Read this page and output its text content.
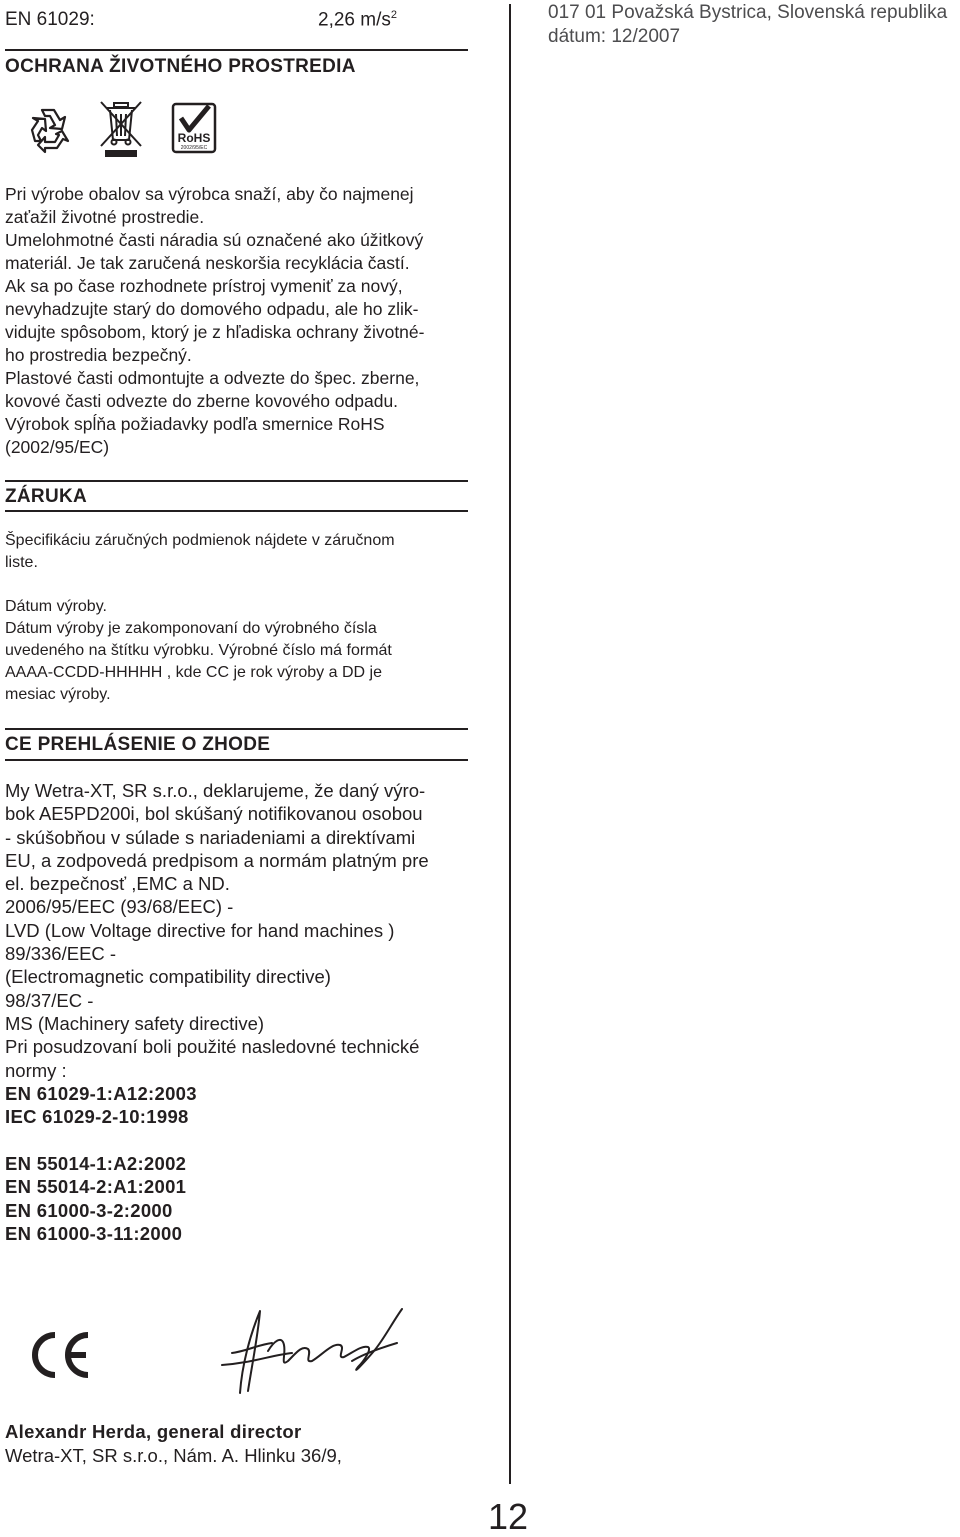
EN 61029:	2,26 $m/s^2$	017 01 Považská Bystrica, Slovenská republika
dátum: 12/2007
OCHRANA ŽIVOTNÉHO PROSTREDIA
RoHS
2002/95/EC

Pri výrobe obalov sa výrobca snaží, aby čo najmenej

zaťažil životné prostredie.

Umelohmotné časti náradia sú označené ako úžitkový

materiál. Je tak zaručená neskoršia recyklácia častí.

Ak sa po čase rozhodnete prístroj vymeniť za nový,

nevyhadzujte starý do domového odpadu, ale ho zlik-

vidujte spôsobom, ktorý je z hľadiska ochrany životné-

ho prostredia bezpečný.

Plastové časti odmontujte a odvezte do špec. zberne,

kovové časti odvezte do zberne kovového odpadu.

Výrobok spĺňa požiadavky podľa smernice RoHS

(2002/95/EC)

ZÁRUKA

Špecifikáciu záručných podmienok nájdete v záručnom

liste.

Dátum výroby.

Dátum výroby je zakomponovaní do výrobného čísla

uvedeného na štítku výrobku. Výrobné číslo má formát

AAAA-CCDD-HHHHH , kde CC je rok výroby a DD je

mesiac výroby.

CE PREHLÁSENIE O ZHODE

My Wetra-XT, SR s.r.o., deklarujeme, že daný výro-

bok AE5PD200i, bol skúšaný notifikovanou osobou

- skúšobňou v súlade s nariadeniami a direktívami

EU, a zodpovedá predpisom a normám platným pre

el. bezpečnosť ,EMC a ND.

2006/95/EEC (93/68/EEC) -

LVD (Low Voltage directive for hand machines )

89/336/EEC -

(Electromagnetic compatibility directive)

98/37/EC -

MS (Machinery safety directive)

Pri posudzovaní boli použité nasledovné technické

normy :

EN 61029-1:A12:2003

IEC 61029-2-10:1998

EN 55014-1:A2:2002

EN 55014-2:A1:2001

EN 61000-3-2:2000

EN 61000-3-11:2000

CE
Alexandr Herda, general director
Wetra-XT, SR s.r.o., Nám. A. Hlinku 36/9,
12
